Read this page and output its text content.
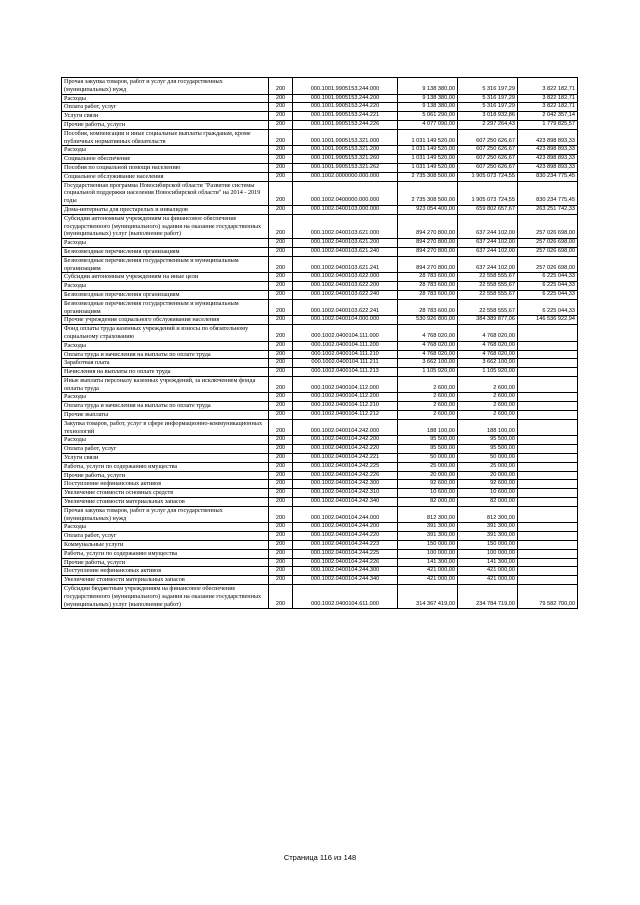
Прочая закупка товаров, работ и услуг для государственных (муниципальных) нужд	200	000.1001.9905153.244.000	9 138 380,00	5 316 197,29	3 822 182,71
Расходы	200	000.1001.9905153.244.200	9 138 380,00	5 316 197,29	3 822 182,71
Оплата работ, услуг	200	000.1001.9905153.244.220	9 138 380,00	5 316 197,29	3 822 182,71
Услуги связи	200	000.1001.9905153.244.221	5 061 290,00	3 018 932,86	2 042 357,14
Прочие работы, услуги	200	000.1001.9905153.244.226	4 077 090,00	2 297 264,43	1 779 825,57
Пособия, компенсации и иные социальные выплаты гражданам, кроме публичных нормативных обязательств	200	000.1001.9905153.321.000	1 031 149 520,00	607 250 626,67	423 898 893,33
Расходы	200	000.1001.9905153.321.200	1 031 149 520,00	607 250 626,67	423 898 893,33
Социальное обеспечение	200	000.1001.9905153.321.260	1 031 149 520,00	607 250 626,67	423 898 893,33
Пособия по социальной помощи населению	200	000.1001.9905153.321.262	1 031 149 520,00	607 250 626,67	423 898 893,33
Социальное обслуживание населения	200	000.1002.0000000.000.000	2 735 308 500,00	1 905 073 724,55	830 234 775,45
Государственная программа Новосибирской области "Развитие системы социальной поддержки населения Новосибирской области" на 2014 - 2019 годы	200	000.1002.0400000.000.000	2 735 308 500,00	1 905 073 724,55	830 234 775,45
Дома-интернаты для престарелых и инвалидов	200	000.1002.0400103.000.000	923 054 400,00	659 802 657,67	263 251 742,33
Субсидии автономным учреждениям на финансовое обеспечение государственного (муниципального) задания на оказание государственных (муниципальных) услуг (выполнение работ)	200	000.1002.0400103.621.000	894 270 800,00	637 244 102,00	257 026 698,00
Расходы	200	000.1002.0400103.621.200	894 270 800,00	637 244 102,00	257 026 698,00
Безвозмездные перечисления организациям	200	000.1002.0400103.621.240	894 270 800,00	637 244 102,00	257 026 698,00
Безвозмездные перечисления государственным и муниципальным организациям	200	000.1002.0400103.621.241	894 270 800,00	637 244 102,00	257 026 698,00
Субсидии автономным учреждениям на иные цели	200	000.1002.0400103.622.000	28 783 600,00	22 558 555,67	6 225 044,33
Расходы	200	000.1002.0400103.622.200	28 783 600,00	22 558 555,67	6 225 044,33
Безвозмездные перечисления организациям	200	000.1002.0400103.622.240	28 783 600,00	22 558 555,67	6 225 044,33
Безвозмездные перечисления государственным и муниципальным организациям	200	000.1002.0400103.622.241	28 783 600,00	22 558 555,67	6 225 044,33
Прочие учреждения социального обслуживания населения	200	000.1002.0400104.000.000	530 926 800,00	384 389 877,06	146 536 922,94
Фонд оплаты труда казенных учреждений и взносы по обязательному социальному страхованию	200	000.1002.0400104.111.000	4 768 020,00	4 768 020,00	
Расходы	200	000.1002.0400104.111.200	4 768 020,00	4 768 020,00	
Оплата труда и начисления на выплаты по оплате труда	200	000.1002.0400104.111.210	4 768 020,00	4 768 020,00	
Заработная плата	200	000.1002.0400104.111.211	3 662 100,00	3 662 100,00	
Начисления на выплаты по оплате труда	200	000.1002.0400104.111.213	1 105 920,00	1 105 920,00	
Иные выплаты персоналу казенных учреждений, за исключением фонда оплаты труда	200	000.1002.0400104.112.000	2 600,00	2 600,00	
Расходы	200	000.1002.0400104.112.200	2 600,00	2 600,00	
Оплата труда и начисления на выплаты по оплате труда	200	000.1002.0400104.112.210	2 600,00	2 600,00	
Прочие выплаты	200	000.1002.0400104.112.212	2 600,00	2 600,00	
Закупка товаров, работ, услуг в сфере информационно-коммуникационных технологий	200	000.1002.0400104.242.000	188 100,00	188 100,00	
Расходы	200	000.1002.0400104.242.200	95 500,00	95 500,00	
Оплата работ, услуг	200	000.1002.0400104.242.220	95 500,00	95 500,00	
Услуги связи	200	000.1002.0400104.242.221	50 000,00	50 000,00	
Работы, услуги по содержанию имущества	200	000.1002.0400104.242.225	25 000,00	25 000,00	
Прочие работы, услуги	200	000.1002.0400104.242.226	20 000,00	20 000,00	
Поступление нефинансовых активов	200	000.1002.0400104.242.300	92 600,00	92 600,00	
Увеличение стоимости основных средств	200	000.1002.0400104.242.310	10 600,00	10 600,00	
Увеличение стоимости материальных запасов	200	000.1002.0400104.242.340	82 000,00	82 000,00	
Прочая закупка товаров, работ и услуг для государственных (муниципальных) нужд	200	000.1002.0400104.244.000	812 300,00	812 300,00	
Расходы	200	000.1002.0400104.244.200	391 300,00	391 300,00	
Оплата работ, услуг	200	000.1002.0400104.244.220	391 300,00	391 300,00	
Коммунальные услуги	200	000.1002.0400104.244.223	150 000,00	150 000,00	
Работы, услуги по содержанию имущества	200	000.1002.0400104.244.225	100 000,00	100 000,00	
Прочие работы, услуги	200	000.1002.0400104.244.226	141 300,00	141 300,00	
Поступление нефинансовых активов	200	000.1002.0400104.244.300	421 000,00	421 000,00	
Увеличение стоимости материальных запасов	200	000.1002.0400104.244.340	421 000,00	421 000,00	
Субсидии бюджетным учреждениям на финансовое обеспечение государственного (муниципального) задания на оказание государственных (муниципальных) услуг (выполнение работ)	200	000.1002.0400104.611.000	314 367 419,00	234 784 719,00	79 582 700,00
Страница 116 из 148
